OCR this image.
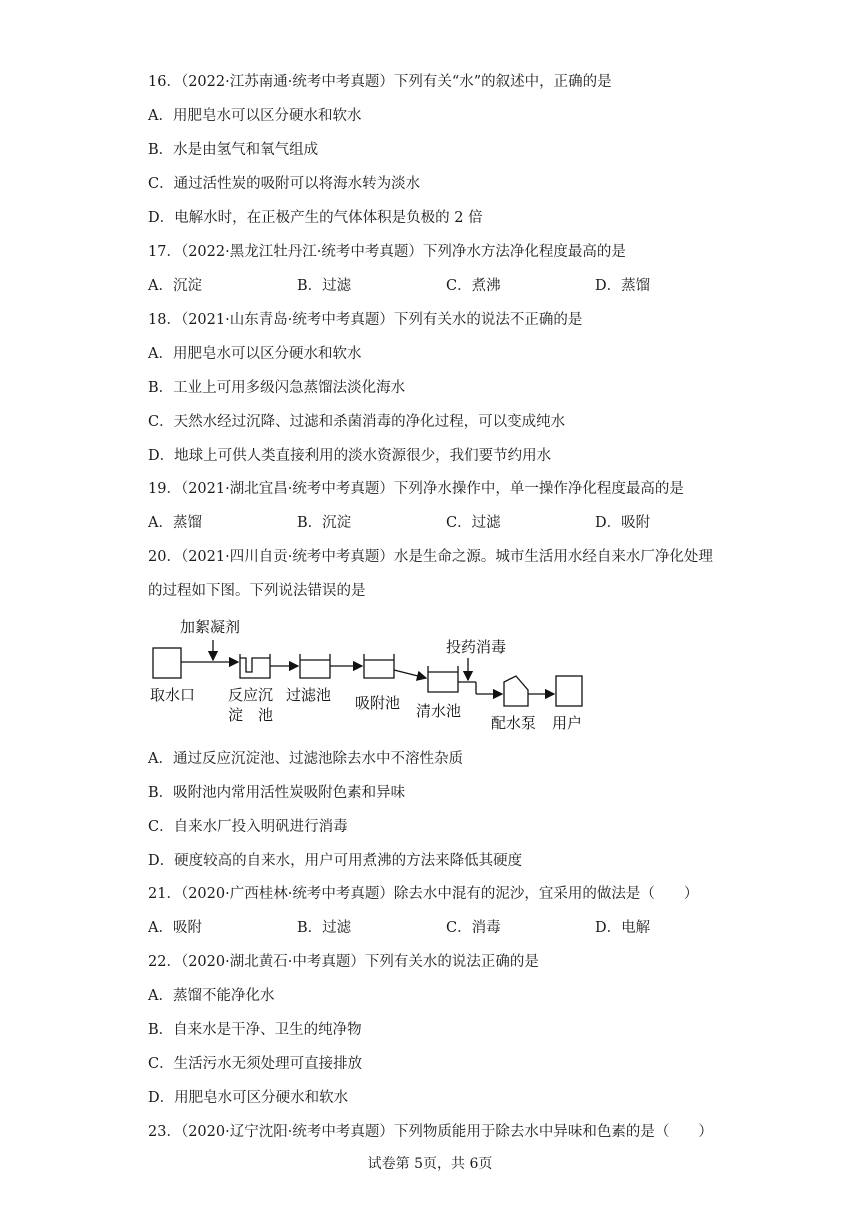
16．（2022·江苏南通·统考中考真题）下列有关“水”的叙述中，正确的是
A．用肥皂水可以区分硬水和软水
B．水是由氢气和氧气组成
C．通过活性炭的吸附可以将海水转为淡水
D．电解水时，在正极产生的气体体积是负极的 2 倍
17．（2022·黑龙江牡丹江·统考中考真题）下列净水方法净化程度最高的是
A．沉淀	B．过滤	C．煮沸	D．蒸馏
18．（2021·山东青岛·统考中考真题）下列有关水的说法不正确的是
A．用肥皂水可以区分硬水和软水
B．工业上可用多级闪急蒸馏法淡化海水
C．天然水经过沉降、过滤和杀菌消毒的净化过程，可以变成纯水
D．地球上可供人类直接利用的淡水资源很少，我们要节约用水
19．（2021·湖北宜昌·统考中考真题）下列净水操作中，单一操作净化程度最高的是
A．蒸馏	B．沉淀	C．过滤	D．吸附
20．（2021·四川自贡·统考中考真题）水是生命之源。城市生活用水经自来水厂净化处理
的过程如下图。下列说法错误的是
加絮凝剂
投药消毒
取水口 反应沉
淀　池
过滤池 吸附池 清水池
配水泵 用户
A．通过反应沉淀池、过滤池除去水中不溶性杂质
B．吸附池内常用活性炭吸附色素和异味
C．自来水厂投入明矾进行消毒
D．硬度较高的自来水，用户可用煮沸的方法来降低其硬度
21．（2020·广西桂林·统考中考真题）除去水中混有的泥沙，宜采用的做法是（　　）
A．吸附	B．过滤	C．消毒	D．电解
22．（2020·湖北黄石·中考真题）下列有关水的说法正确的是
A．蒸馏不能净化水
B．自来水是干净、卫生的纯净物
C．生活污水无须处理可直接排放
D．用肥皂水可区分硬水和软水
23．（2020·辽宁沈阳·统考中考真题）下列物质能用于除去水中异味和色素的是（　　）
试卷第 5页，共 6页
